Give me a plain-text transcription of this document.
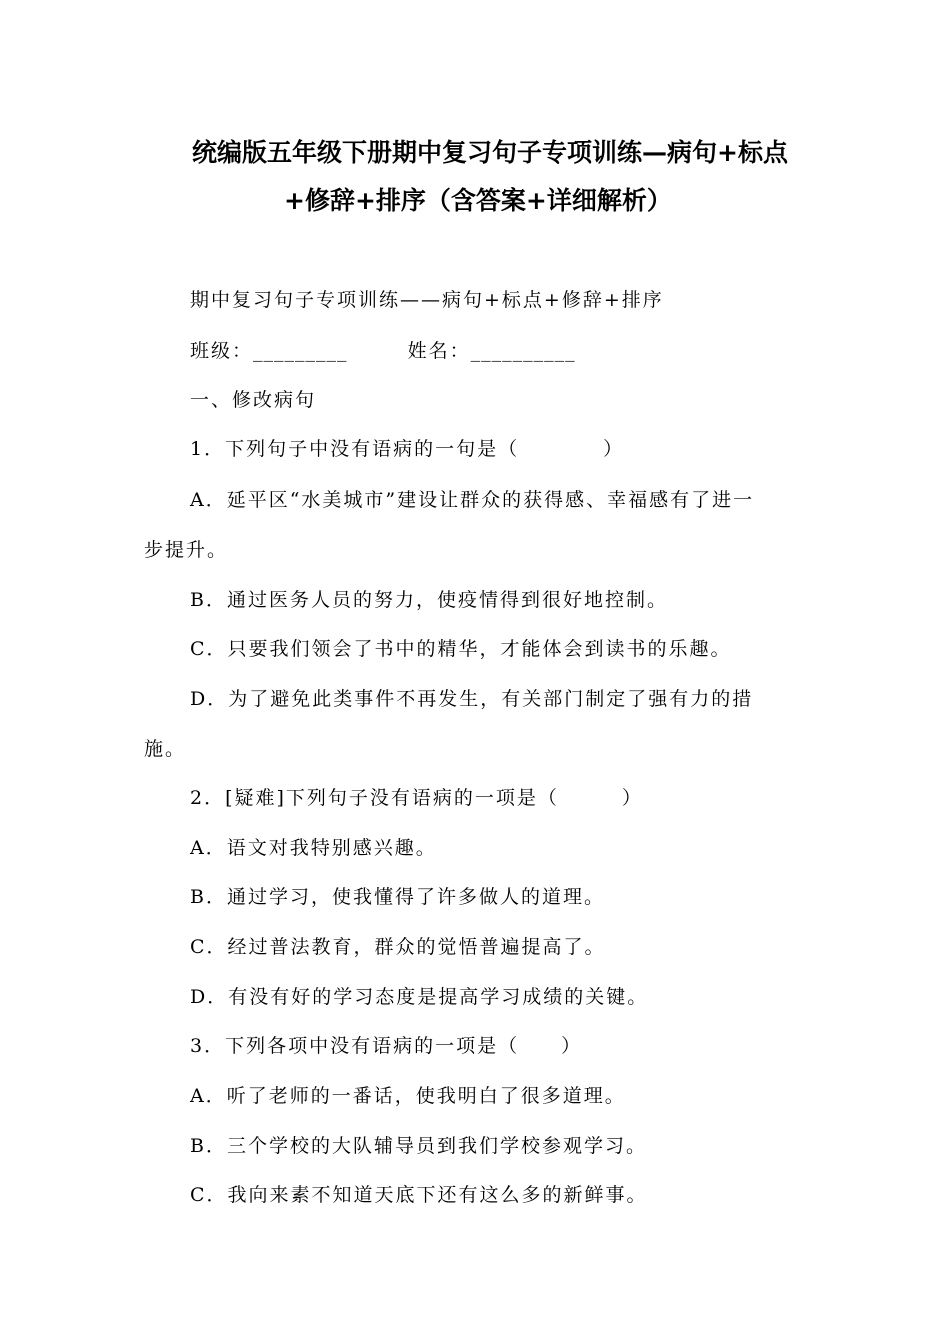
统编版五年级下册期中复习句子专项训练—病句+标点
+修辞+排序（含答案+详细解析）
期中复习句子专项训练——病句+标点+修辞+排序
班级：_________	姓名：__________
一、修改病句
1．下列句子中没有语病的一句是（　　　　）
A．延平区“水美城市”建设让群众的获得感、幸福感有了进一
步提升。
B．通过医务人员的努力，使疫情得到很好地控制。
C．只要我们领会了书中的精华，才能体会到读书的乐趣。
D．为了避免此类事件不再发生，有关部门制定了强有力的措
施。
2．[疑难]下列句子没有语病的一项是（　　　）
A．语文对我特别感兴趣。
B．通过学习，使我懂得了许多做人的道理。
C．经过普法教育，群众的觉悟普遍提高了。
D．有没有好的学习态度是提高学习成绩的关键。
3．下列各项中没有语病的一项是（　　）
A．听了老师的一番话，使我明白了很多道理。
B．三个学校的大队辅导员到我们学校参观学习。
C．我向来素不知道天底下还有这么多的新鲜事。
